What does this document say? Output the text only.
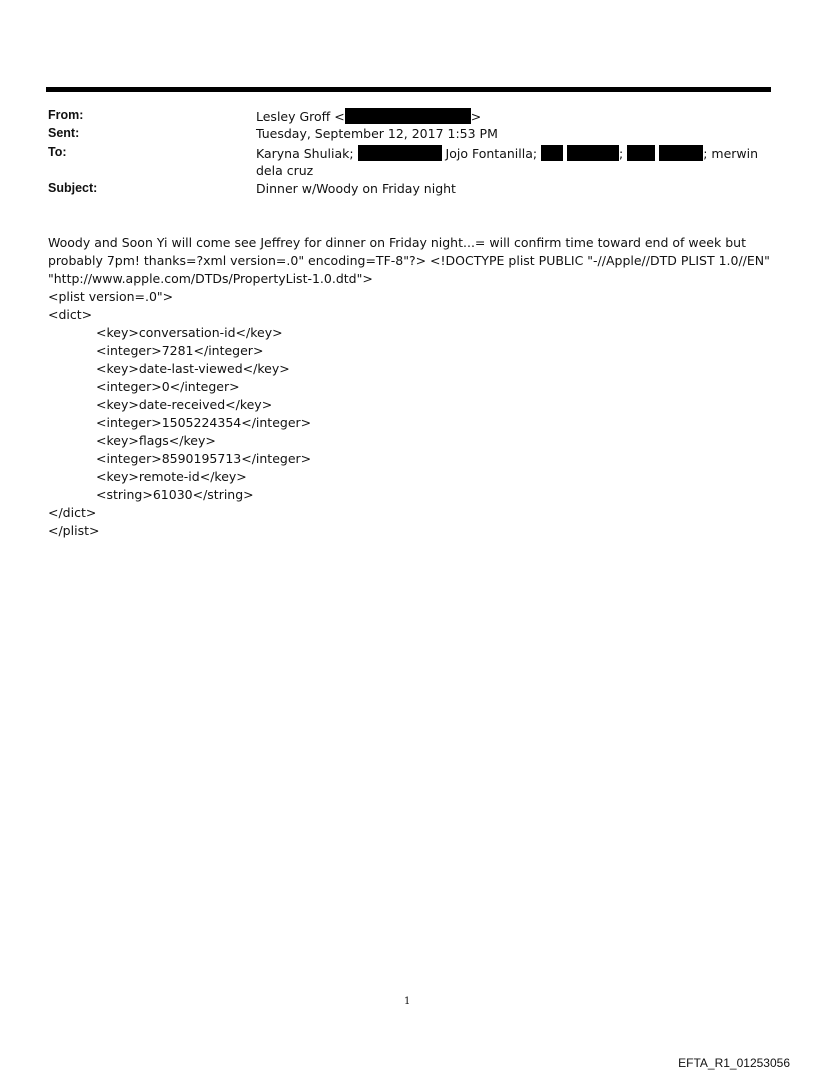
From:	Lesley Groff <	>
Sent:	Tuesday, September 12, 2017 1:53 PM
To:	Karyna Shuliak;	Jojo Fontanilla;	;	; merwin
dela cruz
Subject:	Dinner w/Woody on Friday night
Woody and Soon Yi will come see Jeffrey for dinner on Friday night...= will confirm time toward end of week but
probably 7pm! thanks=?xml version=.0" encoding=TF-8"?> <!DOCTYPE plist PUBLIC "-//Apple//DTD PLIST 1.0//EN"
"http://www.apple.com/DTDs/PropertyList-1.0.dtd">
<plist version=.0">
<dict>
<key>conversation-id</key>
<integer>7281</integer>
<key>date-last-viewed</key>
<integer>0</integer>
<key>date-received</key>
<integer>1505224354</integer>
<key>flags</key>
<integer>8590195713</integer>
<key>remote-id</key>
<string>61030</string>
</dict>
</plist>
1
EFTA_R1_01253056
